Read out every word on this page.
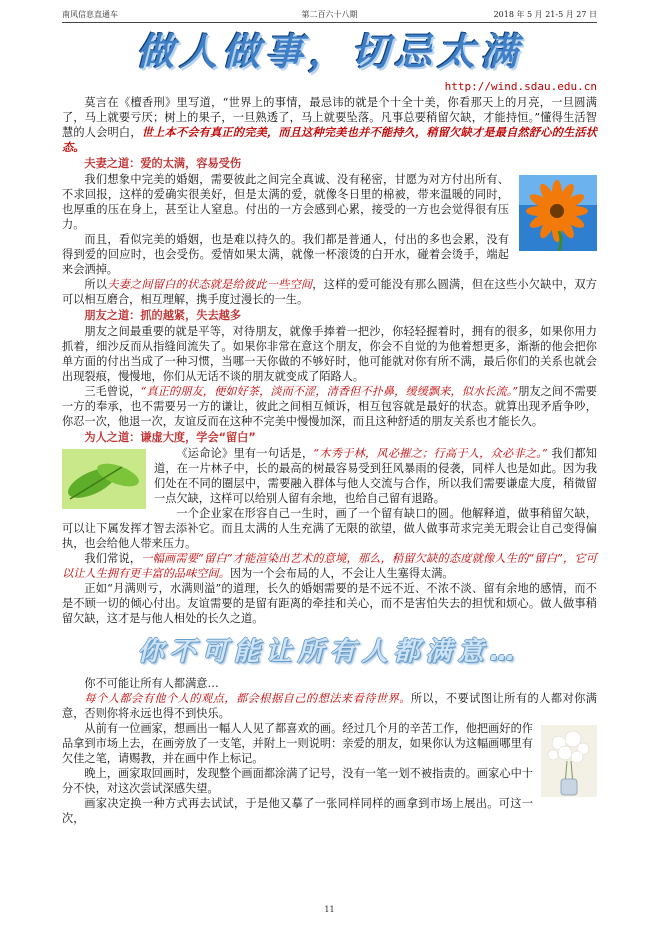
南风信息直通车	第二百六十八期	2018 年 5 月 21-5 月 27 日
做人做事，切忌太满
http://wind.sdau.edu.cn

莫言在《檀香刑》里写道，“世界上的事情，最忌讳的就是个十全十美，你看那天上的月亮，一旦圆满了，马上就要亏厌；树上的果子，一旦熟透了，马上就要坠落。凡事总要稍留欠缺，才能持恒。”懂得生活智慧的人会明白，世上本不会有真正的完美，而且这种完美也并不能持久，稍留欠缺才是最自然舒心的生活状态。

夫妻之道：爱的太满，容易受伤

我们想象中完美的婚姻，需要彼此之间完全真诚、没有秘密，甘愿为对方付出所有、不求回报，这样的爱确实很美好，但是太满的爱，就像冬日里的棉被，带来温暖的同时，也厚重的压在身上，甚至让人窒息。付出的一方会感到心累，接受的一方也会觉得很有压力。

而且，看似完美的婚姻，也是难以持久的。我们都是普通人，付出的多也会累，没有得到爱的回应时，也会受伤。爱情如果太满，就像一杯滚烫的白开水，碰着会烫手，端起来会洒掉。

所以夫妻之间留白的状态就是给彼此一些空间，这样的爱可能没有那么圆满，但在这些小欠缺中，双方可以相互磨合，相互理解，携手度过漫长的一生。

朋友之道：抓的越紧，失去越多

朋友之间最重要的就是平等，对待朋友，就像手捧着一把沙，你轻轻握着时，拥有的很多，如果你用力抓着，细沙反而从指缝间流失了。如果你非常在意这个朋友，你会不自觉的为他着想更多，渐渐的他会把你单方面的付出当成了一种习惯，当哪一天你做的不够好时，他可能就对你有所不满，最后你们的关系也就会出现裂痕，慢慢地，你们从无话不谈的朋友就变成了陌路人。

三毛曾说，“真正的朋友，便如好茶，淡而不涩，清香但不扑鼻，缓缓飘来，似水长流。”朋友之间不需要一方的奉承，也不需要另一方的谦让，彼此之间相互倾诉，相互包容就是最好的状态。就算出现矛盾争吵，你忍一次，他退一次，友谊反而在这种不完美中慢慢加深，而且这种舒适的朋友关系也才能长久。

为人之道：谦虚大度，学会“留白”

《运命论》里有一句话是，“木秀于林，风必摧之；行高于人，众必非之。” 我们都知道，在一片林子中，长的最高的树最容易受到狂风暴雨的侵袭，同样人也是如此。因为我们处在不同的圈层中，需要融入群体与他人交流与合作，所以我们需要谦虚大度，稍微留一点欠缺，这样可以给别人留有余地，也给自己留有退路。

一个企业家在形容自己一生时，画了一个留有缺口的圆。他解释道，做事稍留欠缺，可以让下属发挥才智去添补它。而且太满的人生充满了无限的欲望，做人做事苛求完美无瑕会让自己变得偏执，也会给他人带来压力。

我们常说，一幅画需要“留白”才能渲染出艺术的意境，那么，稍留欠缺的态度就像人生的“留白”，它可以让人生拥有更丰富的品味空间。因为一个会布局的人，不会让人生塞得太满。

正如“月满则亏，水满则溢”的道理，长久的婚姻需要的是不远不近、不浓不淡、留有余地的感情，而不是不顾一切的倾心付出。友谊需要的是留有距离的牵挂和关心，而不是害怕失去的担忧和烦心。做人做事稍留欠缺，这才是与他人相处的长久之道。

你不可能让所有人都满意…

你不可能让所有人都满意…

每个人都会有他个人的观点，都会根据自己的想法来看待世界。所以，不要试图让所有的人都对你满意，否则你将永远也得不到快乐。

从前有一位画家，想画出一幅人人见了都喜欢的画。经过几个月的辛苦工作，他把画好的作品拿到市场上去，在画旁放了一支笔，并附上一则说明：亲爱的朋友，如果你认为这幅画哪里有欠佳之笔，请赐教，并在画中作上标记。

晚上，画家取回画时，发现整个画面都涂满了记号，没有一笔一划不被指责的。画家心中十分不快，对这次尝试深感失望。

画家决定换一种方式再去试试，于是他又摹了一张同样同样的画拿到市场上展出。可这一次，

11
